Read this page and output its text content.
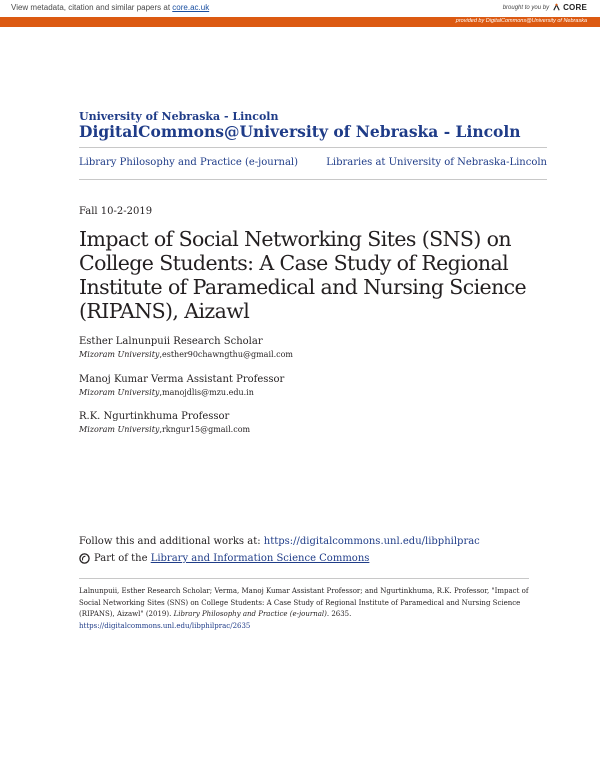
View metadata, citation and similar papers at core.ac.uk	brought to you by CORE
provided by DigitalCommons@University of Nebraska
University of Nebraska - Lincoln
DigitalCommons@University of Nebraska - Lincoln
Library Philosophy and Practice (e-journal)	Libraries at University of Nebraska-Lincoln
Fall 10-2-2019
Impact of Social Networking Sites (SNS) on College Students: A Case Study of Regional Institute of Paramedical and Nursing Science (RIPANS), Aizawl
Esther Lalnunpuii Research Scholar
Mizoram University,esther90chawngthu@gmail.com
Manoj Kumar Verma Assistant Professor
Mizoram University,manojdlis@mzu.edu.in
R.K. Ngurtinkhuma Professor
Mizoram University,rkngur15@gmail.com
Follow this and additional works at: https://digitalcommons.unl.edu/libphilprac
Part of the Library and Information Science Commons
Lalnunpuii, Esther Research Scholar; Verma, Manoj Kumar Assistant Professor; and Ngurtinkhuma, R.K. Professor, "Impact of Social Networking Sites (SNS) on College Students: A Case Study of Regional Institute of Paramedical and Nursing Science (RIPANS), Aizawl" (2019). Library Philosophy and Practice (e-journal). 2635.
https://digitalcommons.unl.edu/libphilprac/2635
